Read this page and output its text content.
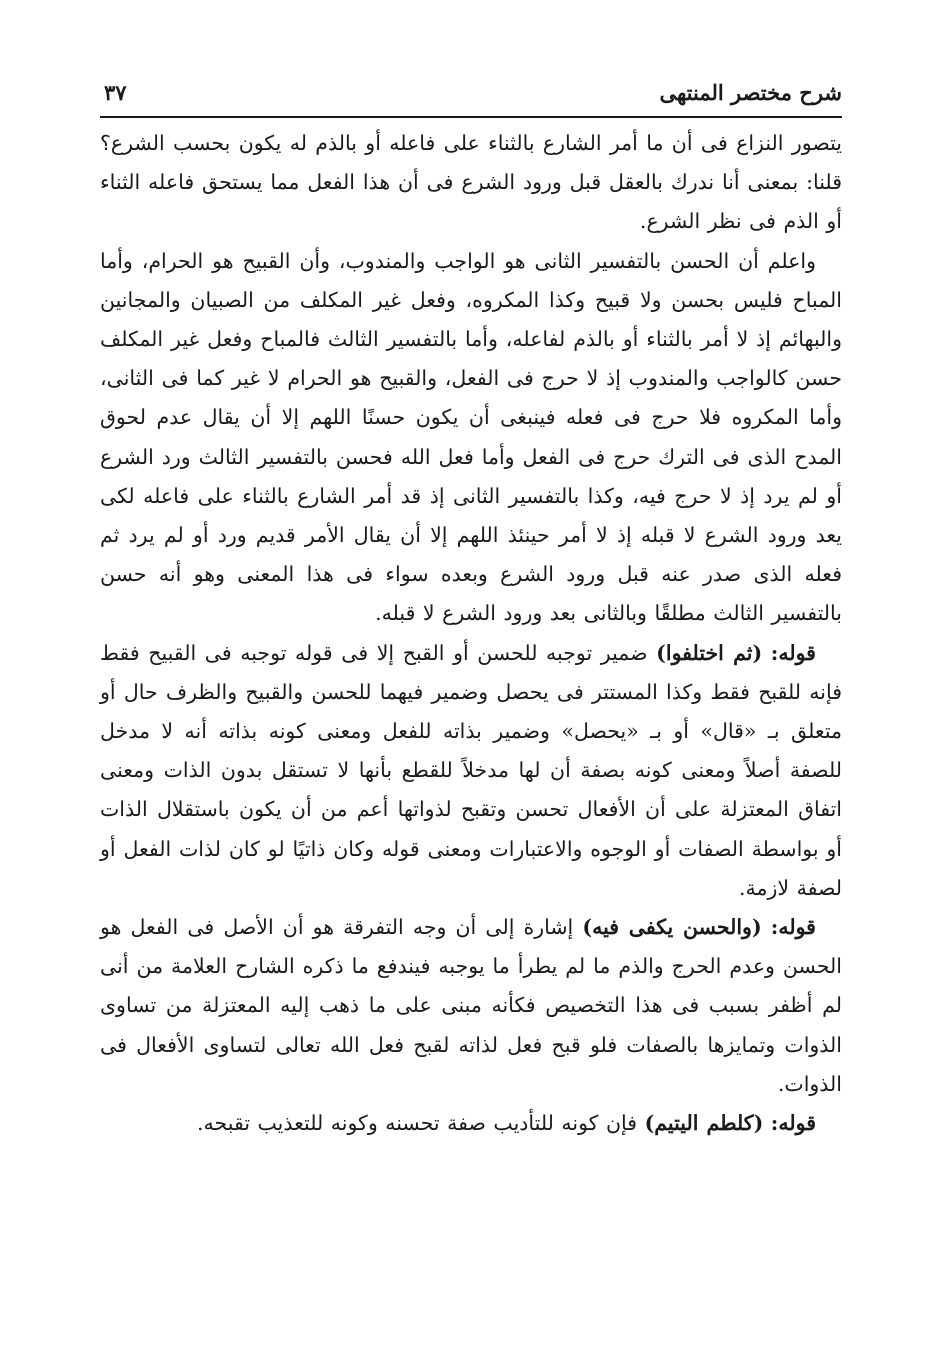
شرح مختصر المنتهى
٣٧

يتصور النزاع فى أن ما أمر الشارع بالثناء على فاعله أو بالذم له يكون بحسب الشرع؟ قلنا: بمعنى أنا ندرك بالعقل قبل ورود الشرع فى أن هذا الفعل مما يستحق فاعله الثناء أو الذم فى نظر الشرع.

واعلم أن الحسن بالتفسير الثانى هو الواجب والمندوب، وأن القبيح هو الحرام، وأما المباح فليس بحسن ولا قبيح وكذا المكروه، وفعل غير المكلف من الصبيان والمجانين والبهائم إذ لا أمر بالثناء أو بالذم لفاعله، وأما بالتفسير الثالث فالمباح وفعل غير المكلف حسن كالواجب والمندوب إذ لا حرج فى الفعل، والقبيح هو الحرام لا غير كما فى الثانى، وأما المكروه فلا حرج فى فعله فينبغى أن يكون حسنًا اللهم إلا أن يقال عدم لحوق المدح الذى فى الترك حرج فى الفعل وأما فعل الله فحسن بالتفسير الثالث ورد الشرع أو لم يرد إذ لا حرج فيه، وكذا بالتفسير الثانى إذ قد أمر الشارع بالثناء على فاعله لكى يعد ورود الشرع لا قبله إذ لا أمر حينئذ اللهم إلا أن يقال الأمر قديم ورد أو لم يرد ثم فعله الذى صدر عنه قبل ورود الشرع وبعده سواء فى هذا المعنى وهو أنه حسن بالتفسير الثالث مطلقًا وبالثانى بعد ورود الشرع لا قبله.

قوله: (ثم اختلفوا) ضمير توجبه للحسن أو القبح إلا فى قوله توجبه فى القبيح فقط فإنه للقبح فقط وكذا المستتر فى يحصل وضمير فيهما للحسن والقبيح والظرف حال أو متعلق بـ «قال» أو بـ «يحصل» وضمير بذاته للفعل ومعنى كونه بذاته أنه لا مدخل للصفة أصلاً ومعنى كونه بصفة أن لها مدخلاً للقطع بأنها لا تستقل بدون الذات ومعنى اتفاق المعتزلة على أن الأفعال تحسن وتقبح لذواتها أعم من أن يكون باستقلال الذات أو بواسطة الصفات أو الوجوه والاعتبارات ومعنى قوله وكان ذاتيًا لو كان لذات الفعل أو لصفة لازمة.

قوله: (والحسن يكفى فيه) إشارة إلى أن وجه التفرقة هو أن الأصل فى الفعل هو الحسن وعدم الحرج والذم ما لم يطرأ ما يوجبه فيندفع ما ذكره الشارح العلامة من أنى لم أظفر بسبب فى هذا التخصيص فكأنه مبنى على ما ذهب إليه المعتزلة من تساوى الذوات وتمايزها بالصفات فلو قبح فعل لذاته لقبح فعل الله تعالى لتساوى الأفعال فى الذوات.

قوله: (كلطم اليتيم) فإن كونه للتأديب صفة تحسنه وكونه للتعذيب تقبحه.
